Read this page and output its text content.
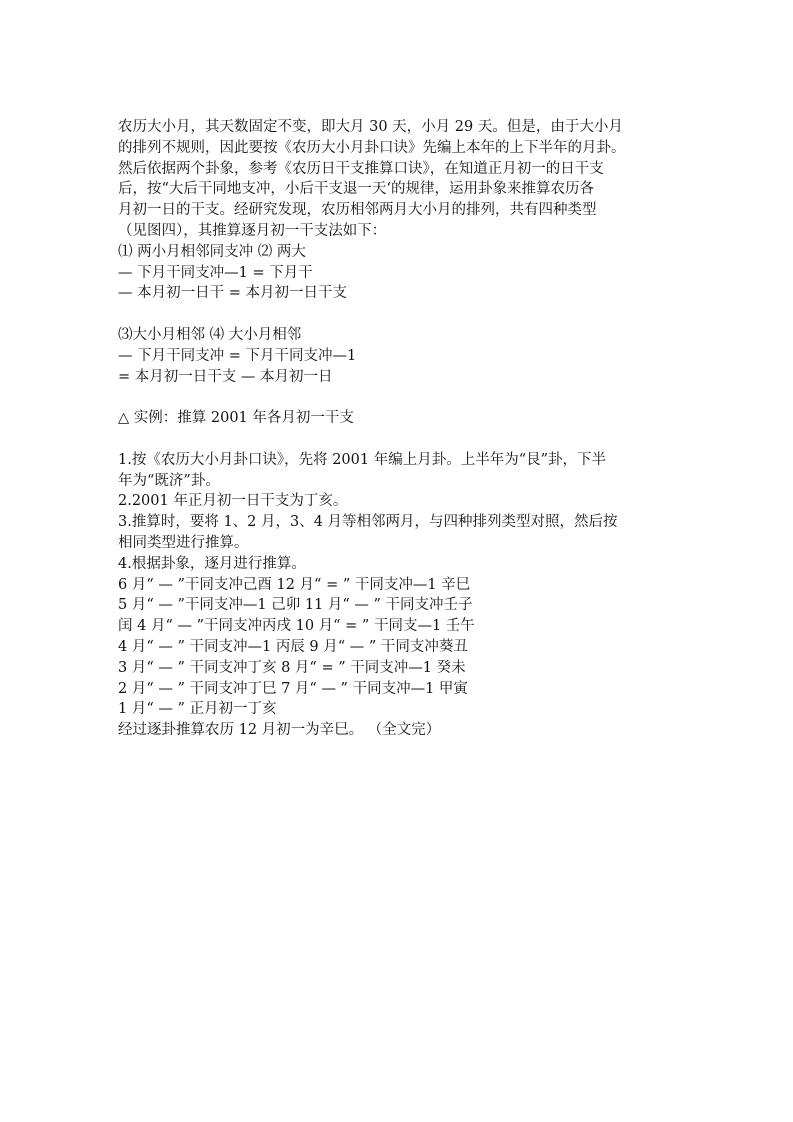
农历大小月，其天数固定不变，即大月 30 天，小月 29 天。但是，由于大小月
的排列不规则，因此要按《农历大小月卦口诀》先编上本年的上下半年的月卦。
然后依据两个卦象，参考《农历日干支推算口诀》，在知道正月初一的日干支
后，按“大后干同地支冲，小后干支退一天‘的规律，运用卦象来推算农历各
月初一日的干支。经研究发现，农历相邻两月大小月的排列，共有四种类型
（见图四），其推算逐月初一干支法如下：
⑴ 两小月相邻同支冲 ⑵ 两大
— 下月干同支冲—1 = 下月干
— 本月初一日干 = 本月初一日干支
⑶大小月相邻 ⑷ 大小月相邻
— 下月干同支冲 = 下月干同支冲—1
= 本月初一日干支 — 本月初一日
△ 实例：推算 2001 年各月初一干支
1.按《农历大小月卦口诀》，先将 2001 年编上月卦。上半年为“艮”卦，下半
年为“既济”卦。
2.2001 年正月初一日干支为丁亥。
3.推算时，要将 1、2 月，3、4 月等相邻两月，与四种排列类型对照，然后按
相同类型进行推算。
4.根据卦象，逐月进行推算。
6 月“ — ”干同支冲己酉 12 月“ = ” 干同支冲—1 辛巳
5 月“ — ”干同支冲—1 己卯 11 月“ — ” 干同支冲壬子
闰 4 月“ — ”干同支冲丙戌 10 月“ = ” 干同支—1 壬午
4 月“ — ” 干同支冲—1 丙辰 9 月“ — ” 干同支冲葵丑
3 月“ — ” 干同支冲丁亥 8 月“ = ” 干同支冲—1 癸未
2 月“ — ” 干同支冲丁巳 7 月“ — ” 干同支冲—1 甲寅
1 月“ — ” 正月初一丁亥
经过逐卦推算农历 12 月初一为辛巳。 （全文完）
